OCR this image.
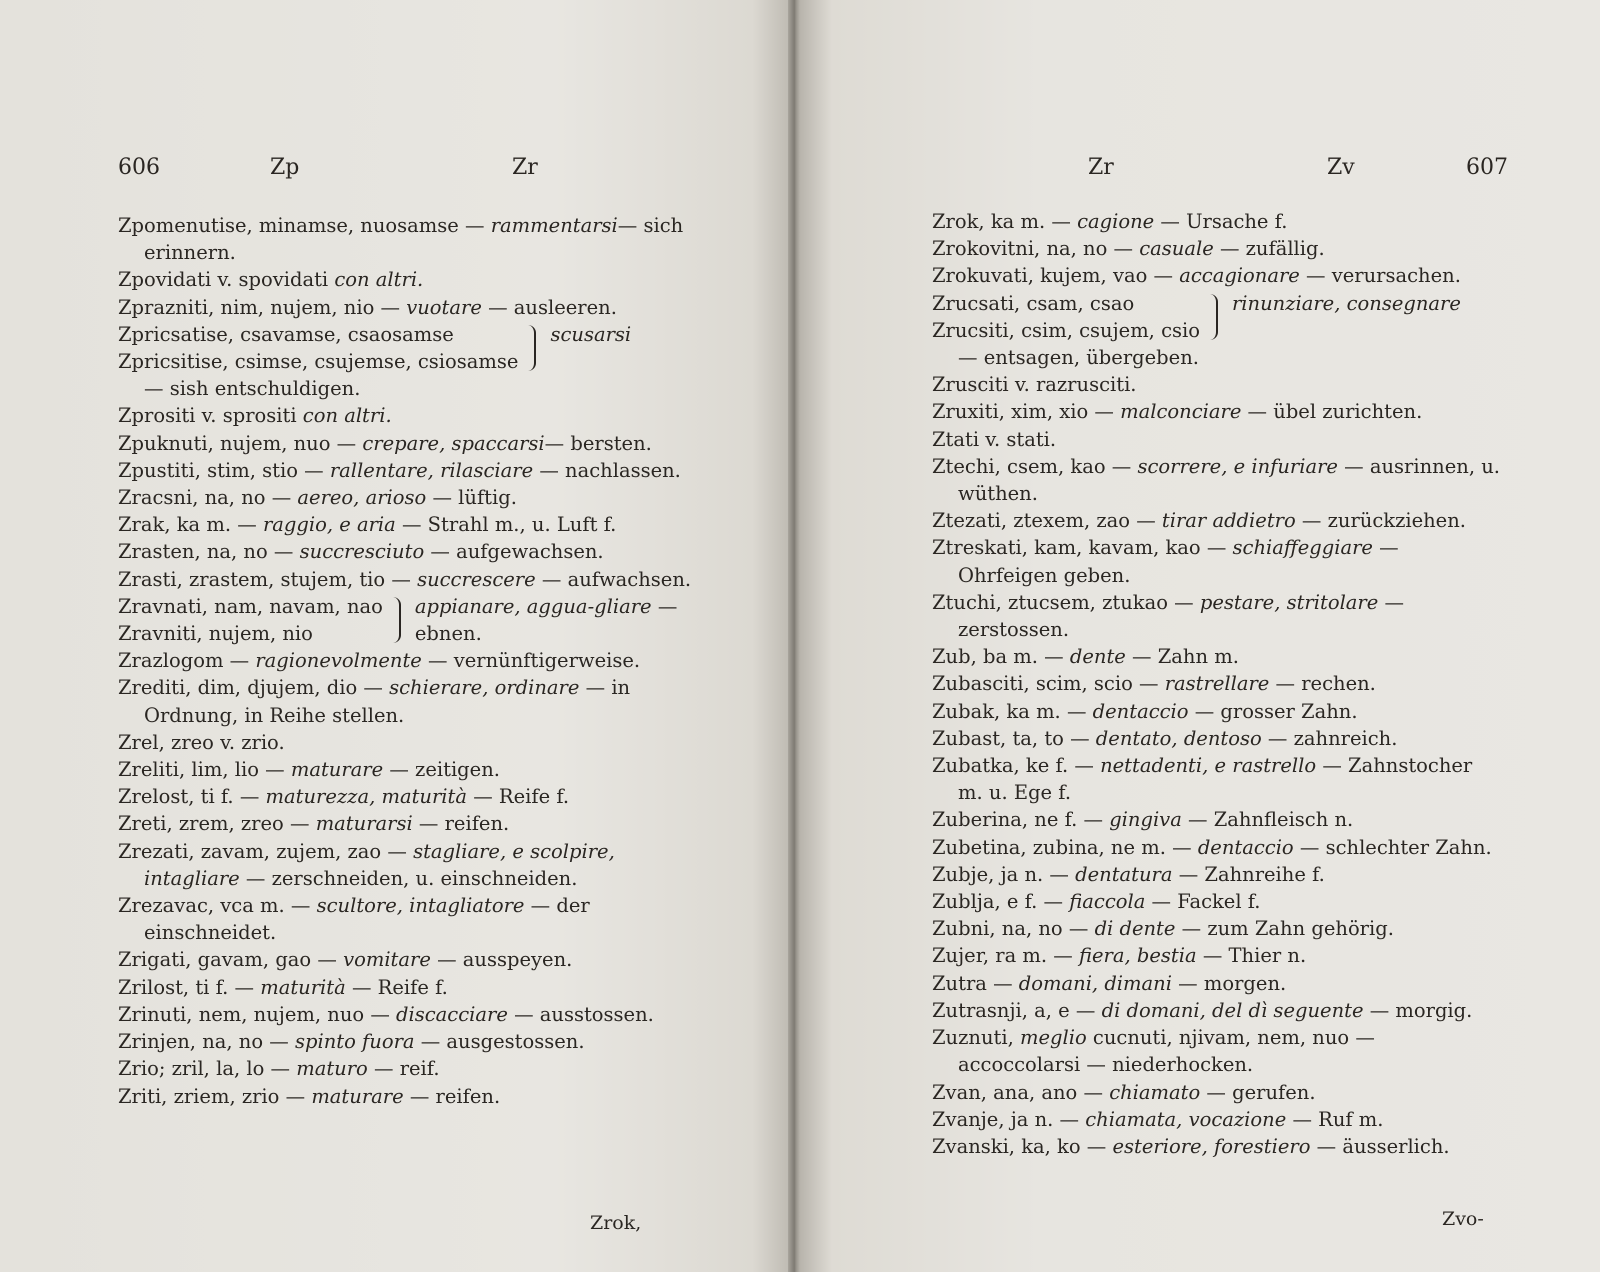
606	Zp	Zr

Zpomenutise, minamse, nuosamse — rammentarsi— sich erinnern.

Zpovidati v. spovidati con altri.

Zprazniti, nim, nujem, nio — vuotare — ausleeren.

Zpricsatise, csavamse, csaosamse

Zpricsitise, csimse, csujemse, csiosamse

scusarsi

— sish entschuldigen.

Zprositi v. sprositi con altri.

Zpuknuti, nujem, nuo — crepare, spaccarsi— bersten.

Zpustiti, stim, stio — rallentare, rilasciare — nachlassen.

Zracsni, na, no — aereo, arioso — lüftig.

Zrak, ka m. — raggio, e aria — Strahl m., u. Luft f.

Zrasten, na, no — succresciuto — aufgewachsen.

Zrasti, zrastem, stujem, tio — succrescere — aufwachsen.

Zravnati, nam, navam, nao

Zravniti, nujem, nio

appianare, aggua-gliare — ebnen.

Zrazlogom — ragionevolmente — vernünftigerweise.

Zrediti, dim, djujem, dio — schierare, ordinare — in Ordnung, in Reihe stellen.

Zrel, zreo v. zrio.

Zreliti, lim, lio — maturare — zeitigen.

Zrelost, ti f. — maturezza, maturità — Reife f.

Zreti, zrem, zreo — maturarsi — reifen.

Zrezati, zavam, zujem, zao — stagliare, e scolpire, intagliare — zerschneiden, u. einschneiden.

Zrezavac, vca m. — scultore, intagliatore — der einschneidet.

Zrigati, gavam, gao — vomitare — ausspeyen.

Zrilost, ti f. — maturità — Reife f.

Zrinuti, nem, nujem, nuo — discacciare — ausstossen.

Zrinjen, na, no — spinto fuora — ausgestossen.

Zrio; zril, la, lo — maturo — reif.

Zriti, zriem, zrio — maturare — reifen.

Zrok,
Zr	Zv	607

Zrok, ka m. — cagione — Ursache f.

Zrokovitni, na, no — casuale — zufällig.

Zrokuvati, kujem, vao — accagionare — verursachen.

Zrucsati, csam, csao

Zrucsiti, csim, csujem, csio

rinunziare, consegnare

— entsagen, übergeben.

Zrusciti v. razrusciti.

Zruxiti, xim, xio — malconciare — übel zurichten.

Ztati v. stati.

Ztechi, csem, kao — scorrere, e infuriare — ausrinnen, u. wüthen.

Ztezati, ztexem, zao — tirar addietro — zurückziehen.

Ztreskati, kam, kavam, kao — schiaffeggiare — Ohrfeigen geben.

Ztuchi, ztucsem, ztukao — pestare, stritolare — zerstossen.

Zub, ba m. — dente — Zahn m.

Zubasciti, scim, scio — rastrellare — rechen.

Zubak, ka m. — dentaccio — grosser Zahn.

Zubast, ta, to — dentato, dentoso — zahnreich.

Zubatka, ke f. — nettadenti, e rastrello — Zahnstocher m. u. Ege f.

Zuberina, ne f. — gingiva — Zahnfleisch n.

Zubetina, zubina, ne m. — dentaccio — schlechter Zahn.

Zubje, ja n. — dentatura — Zahnreihe f.

Zublja, e f. — fiaccola — Fackel f.

Zubni, na, no — di dente — zum Zahn gehörig.

Zujer, ra m. — fiera, bestia — Thier n.

Zutra — domani, dimani — morgen.

Zutrasnji, a, e — di domani, del dì seguente — morgig.

Zuznuti, meglio cucnuti, njivam, nem, nuo — accoccolarsi — niederhocken.

Zvan, ana, ano — chiamato — gerufen.

Zvanje, ja n. — chiamata, vocazione — Ruf m.

Zvanski, ka, ko — esteriore, forestiero — äusserlich.

Zvo-
